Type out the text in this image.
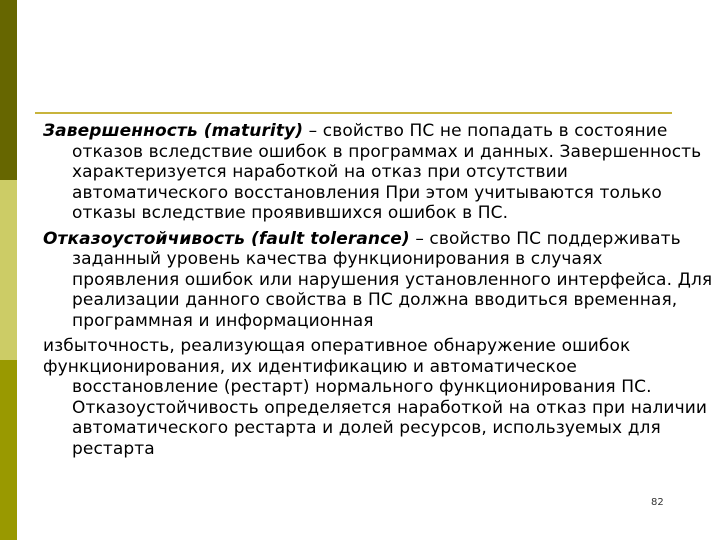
Завершенность (maturity) – свойство ПС не попадать в состояние отказов вследствие ошибок в программах и данных. Завершенность характеризуется наработкой на отказ при отсутствии автоматического восстановления При этом учитываются только отказы вследствие проявившихся ошибок в ПС.

Отказоустойчивость (fault tolerance) – свойство ПС поддерживать заданный уровень качества функционирования в случаях проявления ошибок или нарушения установленного интерфейса. Для реализации данного свойства в ПС должна вводиться временная, программная и информационная

избыточность, реализующая оперативное обнаружение ошибок

функционирования, их идентификацию и автоматическое восстановление (рестарт) нормального функционирования ПС. Отказоустойчивость определяется наработкой на отказ при наличии автоматического рестарта и долей ресурсов, используемых для рестарта

82
